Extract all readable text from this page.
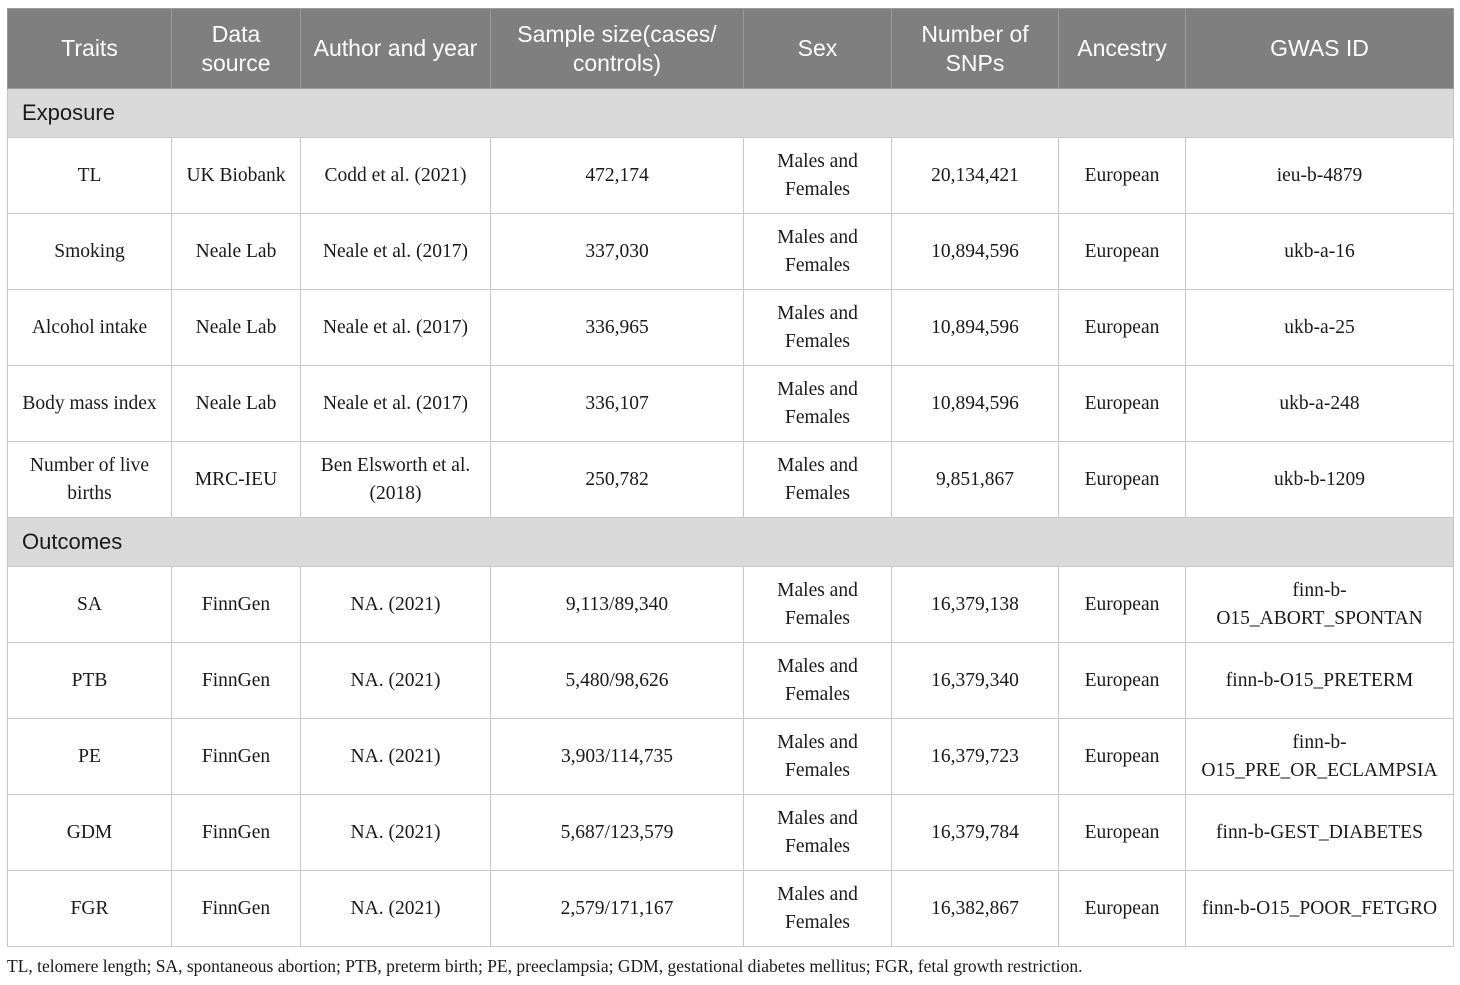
Traits	Data source	Author and year	Sample size(cases/ controls)	Sex	Number of SNPs	Ancestry	GWAS ID
Exposure							
TL	UK Biobank	Codd et al. (2021)	472,174	Males and Females	20,134,421	European	ieu-b-4879
Smoking	Neale Lab	Neale et al. (2017)	337,030	Males and Females	10,894,596	European	ukb-a-16
Alcohol intake	Neale Lab	Neale et al. (2017)	336,965	Males and Females	10,894,596	European	ukb-a-25
Body mass index	Neale Lab	Neale et al. (2017)	336,107	Males and Females	10,894,596	European	ukb-a-248
Number of live births	MRC-IEU	Ben Elsworth et al. (2018)	250,782	Males and Females	9,851,867	European	ukb-b-1209
Outcomes							
SA	FinnGen	NA. (2021)	9,113/89,340	Males and Females	16,379,138	European	finn-b-O15_ABORT_SPONTAN
PTB	FinnGen	NA. (2021)	5,480/98,626	Males and Females	16,379,340	European	finn-b-O15_PRETERM
PE	FinnGen	NA. (2021)	3,903/114,735	Males and Females	16,379,723	European	finn-b-O15_PRE_OR_ECLAMPSIA
GDM	FinnGen	NA. (2021)	5,687/123,579	Males and Females	16,379,784	European	finn-b-GEST_DIABETES
FGR	FinnGen	NA. (2021)	2,579/171,167	Males and Females	16,382,867	European	finn-b-O15_POOR_FETGRO
TL, telomere length; SA, spontaneous abortion; PTB, preterm birth; PE, preeclampsia; GDM, gestational diabetes mellitus; FGR, fetal growth restriction.
